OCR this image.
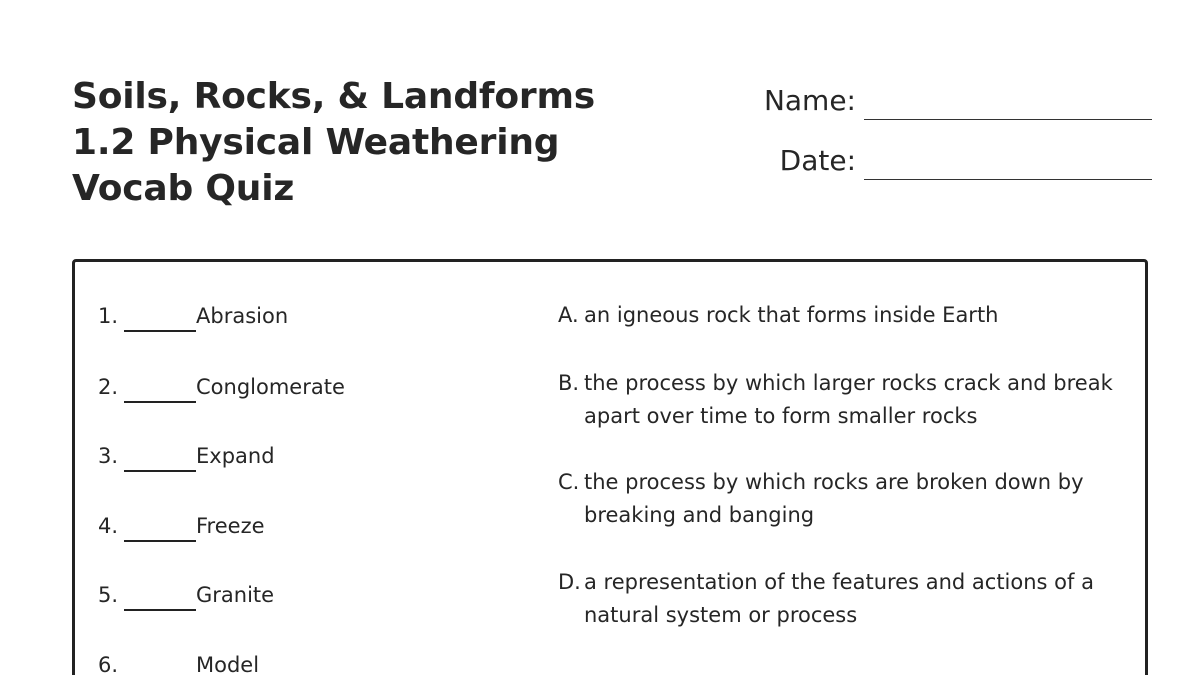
Soils, Rocks, & Landforms
1.2 Physical Weathering
Vocab Quiz
Name:
Date:
1.	Abrasion
2.	Conglomerate
3.	Expand
4.	Freeze
5.	Granite
6.	Model
A. an igneous rock that forms inside Earth
B. the process by which larger rocks crack and break apart over time to form smaller rocks
C. the process by which rocks are broken down by breaking and banging
D. a representation of the features and actions of a natural system or process
